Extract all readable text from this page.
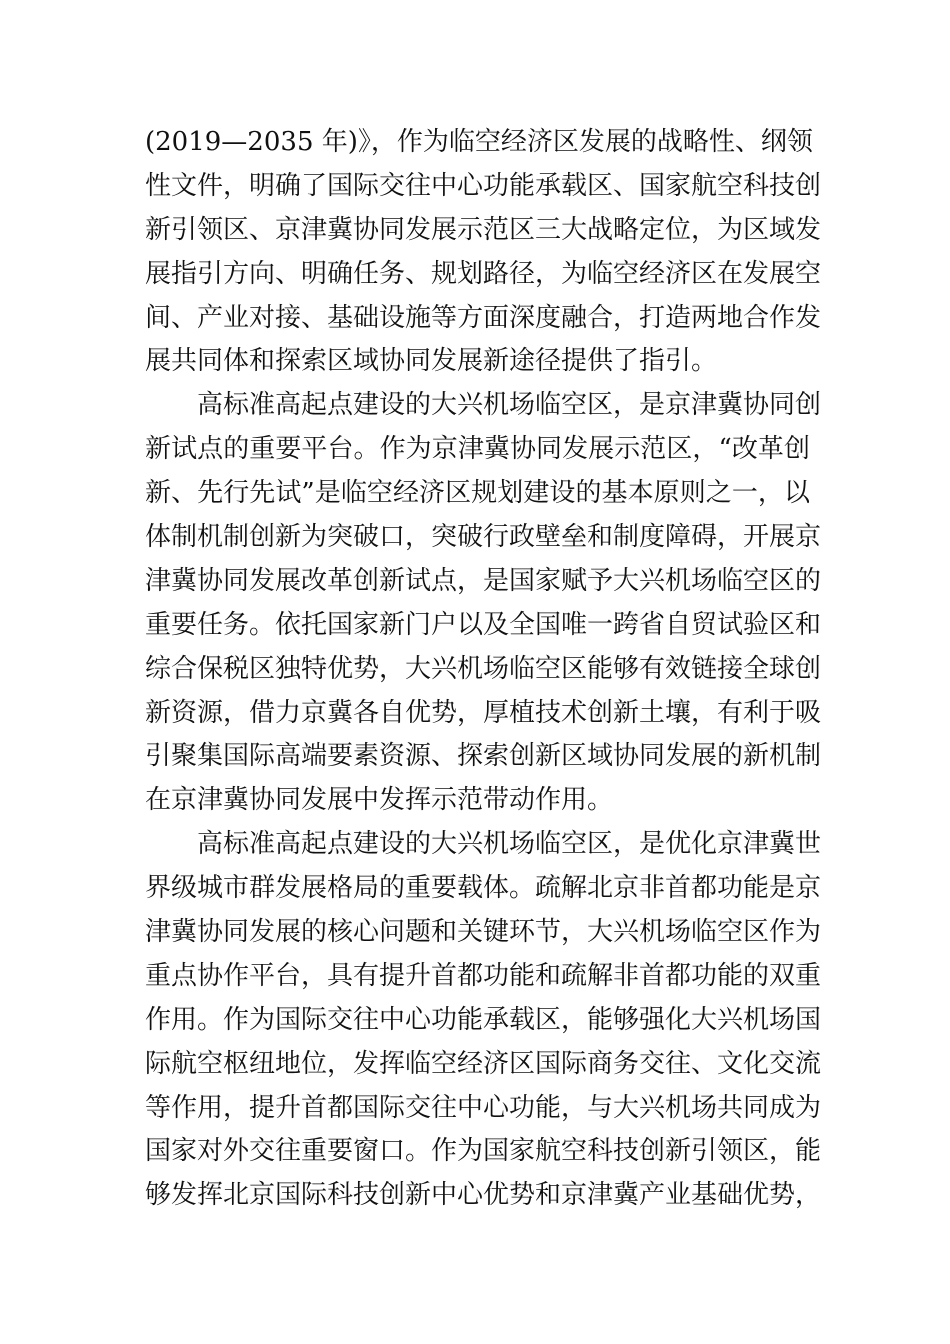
(2019—2035 年)》，作为临空经济区发展的战略性、纲领
性文件，明确了国际交往中心功能承载区、国家航空科技创
新引领区、京津冀协同发展示范区三大战略定位，为区域发
展指引方向、明确任务、规划路径，为临空经济区在发展空
间、产业对接、基础设施等方面深度融合，打造两地合作发
展共同体和探索区域协同发展新途径提供了指引。
　　高标准高起点建设的大兴机场临空区，是京津冀协同创
新试点的重要平台。作为京津冀协同发展示范区，“改革创
新、先行先试”是临空经济区规划建设的基本原则之一，以
体制机制创新为突破口，突破行政壁垒和制度障碍，开展京
津冀协同发展改革创新试点，是国家赋予大兴机场临空区的
重要任务。依托国家新门户以及全国唯一跨省自贸试验区和
综合保税区独特优势，大兴机场临空区能够有效链接全球创
新资源，借力京冀各自优势，厚植技术创新土壤，有利于吸
引聚集国际高端要素资源、探索创新区域协同发展的新机制
在京津冀协同发展中发挥示范带动作用。
　　高标准高起点建设的大兴机场临空区，是优化京津冀世
界级城市群发展格局的重要载体。疏解北京非首都功能是京
津冀协同发展的核心问题和关键环节，大兴机场临空区作为
重点协作平台，具有提升首都功能和疏解非首都功能的双重
作用。作为国际交往中心功能承载区，能够强化大兴机场国
际航空枢纽地位，发挥临空经济区国际商务交往、文化交流
等作用，提升首都国际交往中心功能，与大兴机场共同成为
国家对外交往重要窗口。作为国家航空科技创新引领区，能
够发挥北京国际科技创新中心优势和京津冀产业基础优势，
